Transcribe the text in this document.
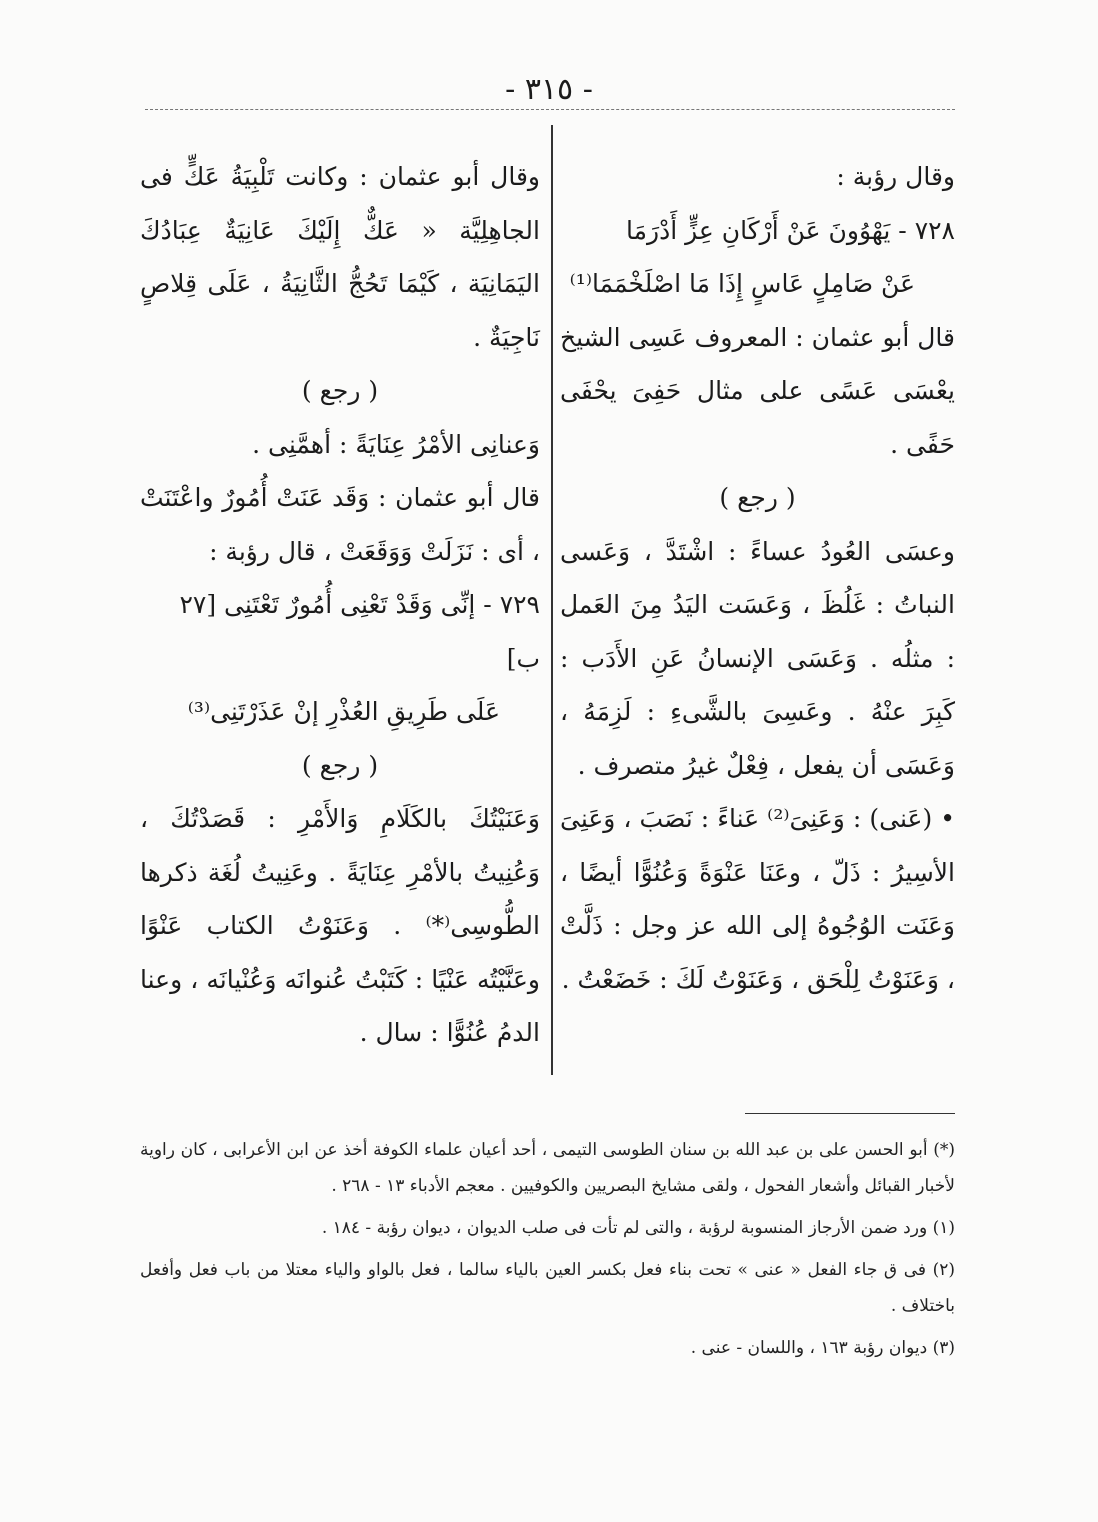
- ٣١٥ -

وقال رؤبة :

٧٢٨ - يَهْوُونَ عَنْ أَرْكَانِ عِزٍّ أَدْرَمَا

عَنْ صَامِلٍ عَاسٍ إِذَا مَا اصْلَخْمَمَا⁽¹⁾

قال أبو عثمان : المعروف عَسِى الشيخ يعْسَى عَسًى على مثال حَفِىَ يحْفَى حَفًى .

( رجع )

وعسَى العُودُ عساءً : اشْتَدَّ ، وَعَسى النباتُ : غَلُظَ ، وَعَسَت اليَدُ مِنَ العَمل : مثلُه . وَعَسَى الإنسانُ عَنِ الأَدَب : كَبِرَ عنْهُ . وعَسِىَ بالشَّىءِ : لَزِمَهُ ، وَعَسَى أن يفعل ، فِعْلٌ غيرُ متصرف .

• (عَنى) : وَعَنِىَ⁽²⁾ عَناءً : نَصَبَ ، وَعَنِىَ الأسِيرُ : ذَلّ ، وعَنَا عَنْوَةً وَعُنُوًّا أيضًا ، وَعَنَت الوُجُوهُ إلى الله عز وجل : ذَلَّتْ ، وَعَنَوْتُ لِلْحَق ، وَعَنَوْتُ لَكَ : خَضَعْتُ .

وقال أبو عثمان : وكانت تَلْبِيَةُ عَكٍّ فى الجاهِلِيَّة « عَكٌّ إِلَيْكَ عَانِيَةٌ عِبَادُكَ اليَمَانِيَة ، كَيْمَا تَحُجُّ الثَّانِيَةُ ، عَلَى قِلاصٍ نَاجِيَةٌ .

( رجع )

وَعنانِى الأمْرُ عِنَايَةً : أهمَّنِى .

قال أبو عثمان : وَقَد عَنَتْ أُمُورٌ واعْتَنَتْ ، أى : نَزَلَتْ وَوَقَعَتْ ، قال رؤبة :

٧٢٩ - إنِّى وَقَدْ تَعْنِى أُمُورٌ تَعْتَنِى [٢٧ ب]

عَلَى طَرِيقِ العُذْرِ إنْ عَذَرْتَنِى⁽³⁾

( رجع )

وَعَنَيْتُكَ بالكَلَامِ وَالأَمْرِ : قَصَدْتُكَ ، وَعُنِيتُ بالأمْرِ عِنَايَةً . وعَنِيتُ لُغَة ذكرها الطُّوسِى⁽*⁾ . وَعَنَوْتُ الكتاب عَنْوًا وعَنَّيْتُه عَنْيًا : كَتَبْتُ عُنوانَه وَعُنْيانَه ، وعنا الدمُ عُنُوًّا : سال .

(*) أبو الحسن على بن عبد الله بن سنان الطوسى التيمى ، أحد أعيان علماء الكوفة أخذ عن ابن الأعرابى ، كان راوية لأخبار القبائل وأشعار الفحول ، ولقى مشايخ البصريين والكوفيين . معجم الأدباء ١٣ - ٢٦٨ .

(١) ورد ضمن الأرجاز المنسوبة لرؤبة ، والتى لم تأت فى صلب الديوان ، ديوان رؤبة - ١٨٤ .

(٢) فى ق جاء الفعل « عنى » تحت بناء فعل بكسر العين بالياء سالما ، فعل بالواو والياء معتلا من باب فعل وأفعل باختلاف .

(٣) ديوان رؤبة ١٦٣ ، واللسان - عنى .
